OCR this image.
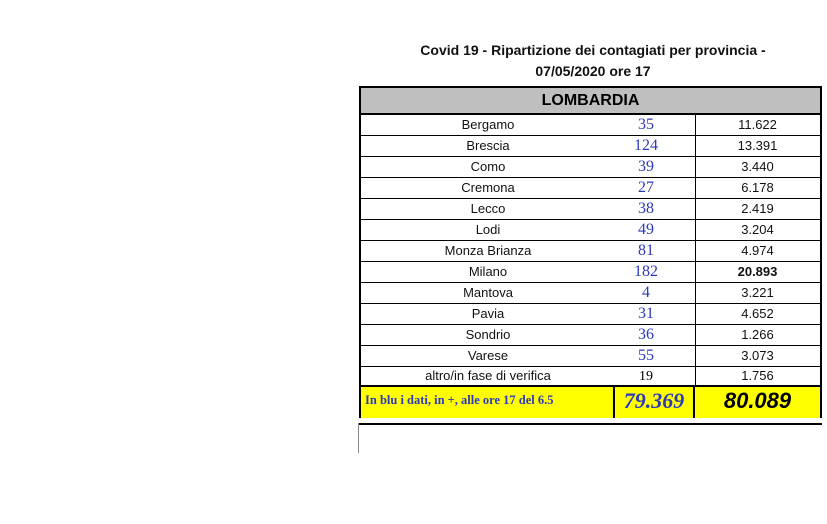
Covid 19 - Ripartizione dei contagiati per provincia -
07/05/2020 ore 17
LOMBARDIA
Bergamo	35	11.622
Brescia	124	13.391
Como	39	3.440
Cremona	27	6.178
Lecco	38	2.419
Lodi	49	3.204
Monza Brianza	81	4.974
Milano	182	20.893
Mantova	4	3.221
Pavia	31	4.652
Sondrio	36	1.266
Varese	55	3.073
altro/in fase di verifica	19	1.756
In blu i dati, in +, alle ore 17 del 6.5	79.369	80.089
